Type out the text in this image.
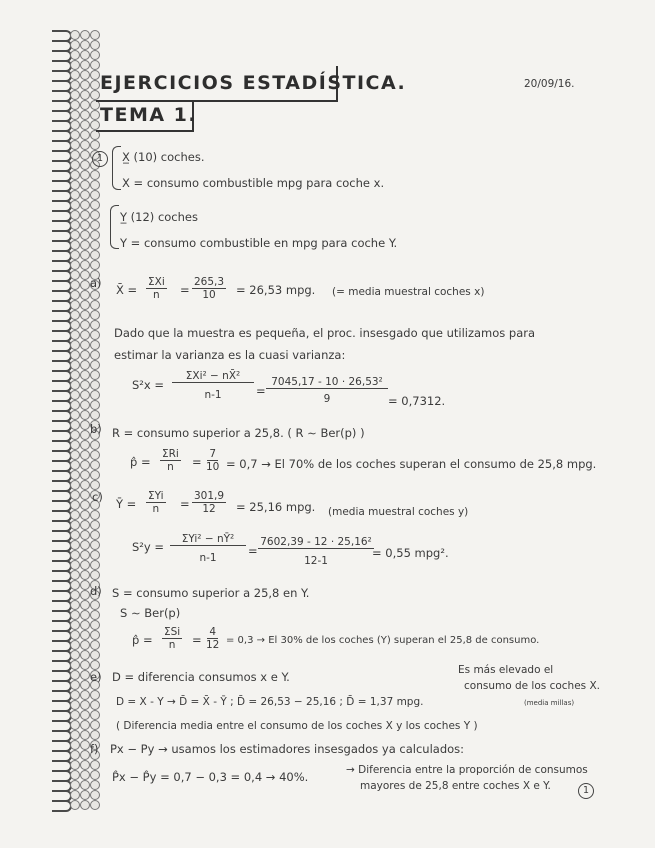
EJERCICIOS ESTADÍSTICA.
TEMA 1.
20/09/16.
1	X̲ (10) coches.
X = consumo combustible mpg para coche x.
Y̲ (12) coches
Y = consumo combustible en mpg para coche Y.
a) X̄ =
ΣXi
$n = \frac{265,3}{10} = 26,53$ mpg. (= media muestral coches x)
Dado que la muestra es pequeña, el proc. insesgado que utilizamos para
estimar la varianza es la cuasi varianza:
S²x =
ΣXi² − nX̄²
n-1	= $\frac{\text{7045,17 - 10 · 26,53²}}{9} = 0,7312$.
b) R = consumo superior a 25,8. ( R ∼ Ber(p) )
p̂ =
ΣRi
$n = \frac{7}{10} = 0,7 \to El$ 70% de los coches superan el consumo de 25,8 mpg.
c) Ȳ =
ΣYi
$n = \frac{301,9}{12} = 25,16$ mpg. (media muestral coches y)
S²y =
ΣYi² − nȲ²
n-1	= $\frac{\text{7602,39 - 12 · 25,16²}}{12-1}$
= 0,55 mpg².
d) S = consumo superior a 25,8 en Y.
S ∼ Ber(p)
p̂ =
ΣSi
$n = \frac{4}{12} = 0,3 \to El$ 30% de los coches (Y) superan el 25,8 de consumo.
Es más elevado el
consumo de los coches X.
e) D = diferencia consumos x e Y.
D = X - Y → D̄ = X̄ - Ȳ ; D̄ = 26,53 − 25,16 ; D̄ = 1,37 mpg.	(media millas)
( Diferencia media entre el consumo de los coches X y los coches Y )
f) Px − Py → usamos los estimadores insesgados ya calculados:
P̂x − P̂y = 0,7 − 0,3 = 0,4 → 40%.	→ Diferencia entre la proporción de consumos
mayores de 25,8 entre coches X e Y.	1
